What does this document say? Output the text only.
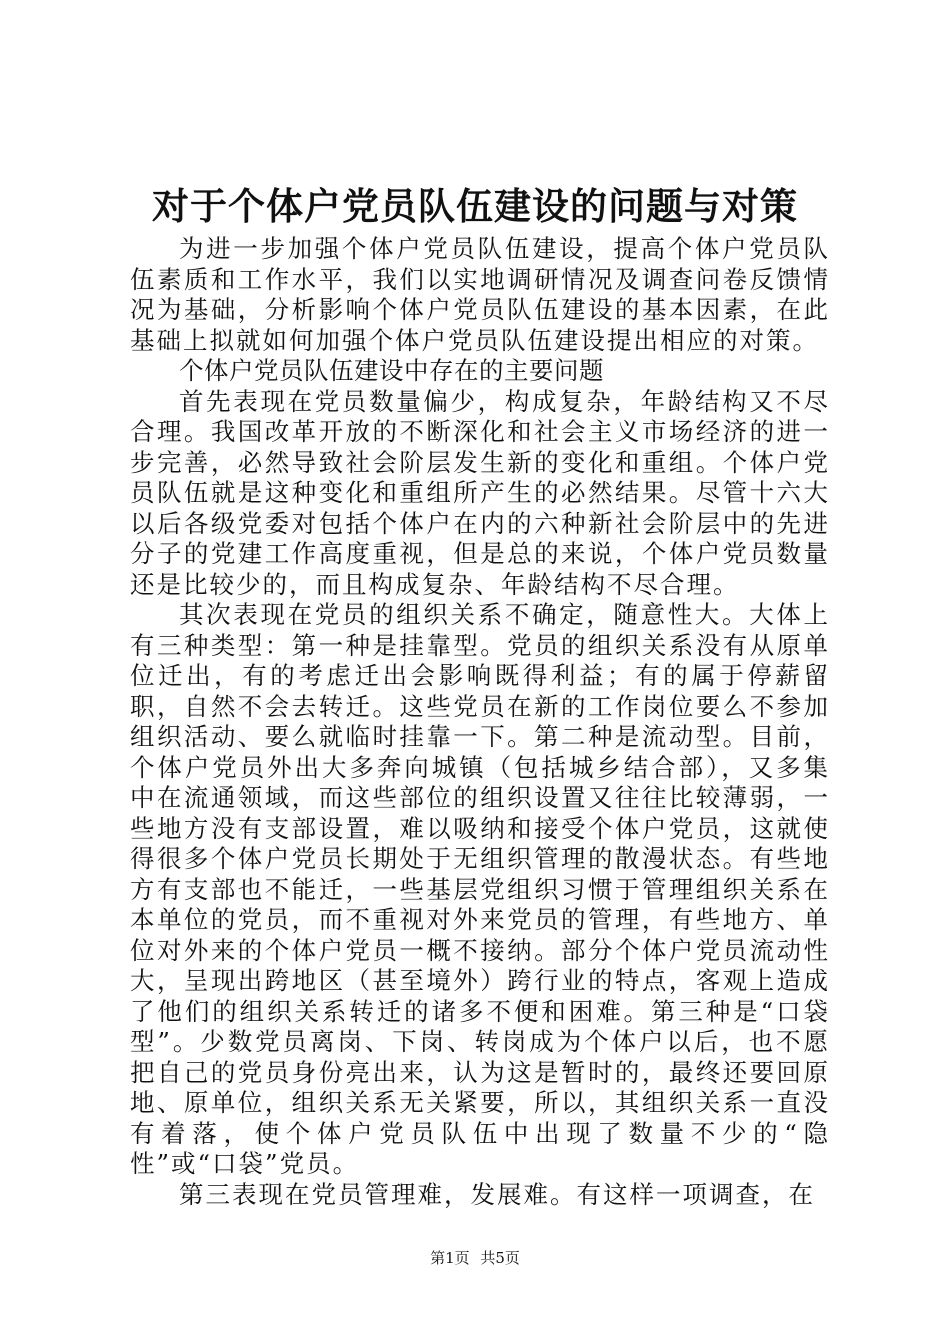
对于个体户党员队伍建设的问题与对策

为进一步加强个体户党员队伍建设，提高个体户党员队伍素质和工作水平，我们以实地调研情况及调查问卷反馈情况为基础，分析影响个体户党员队伍建设的基本因素，在此基础上拟就如何加强个体户党员队伍建设提出相应的对策。

个体户党员队伍建设中存在的主要问题

首先表现在党员数量偏少，构成复杂，年龄结构又不尽合理。我国改革开放的不断深化和社会主义市场经济的进一步完善，必然导致社会阶层发生新的变化和重组。个体户党员队伍就是这种变化和重组所产生的必然结果。尽管十六大以后各级党委对包括个体户在内的六种新社会阶层中的先进分子的党建工作高度重视，但是总的来说，个体户党员数量还是比较少的，而且构成复杂、年龄结构不尽合理。

其次表现在党员的组织关系不确定，随意性大。大体上有三种类型：第一种是挂靠型。党员的组织关系没有从原单位迁出，有的考虑迁出会影响既得利益；有的属于停薪留职，自然不会去转迁。这些党员在新的工作岗位要么不参加组织活动、要么就临时挂靠一下。第二种是流动型。目前，个体户党员外出大多奔向城镇（包括城乡结合部），又多集中在流通领域，而这些部位的组织设置又往往比较薄弱，一些地方没有支部设置，难以吸纳和接受个体户党员，这就使得很多个体户党员长期处于无组织管理的散漫状态。有些地方有支部也不能迁，一些基层党组织习惯于管理组织关系在本单位的党员，而不重视对外来党员的管理，有些地方、单位对外来的个体户党员一概不接纳。部分个体户党员流动性大，呈现出跨地区（甚至境外）跨行业的特点，客观上造成了他们的组织关系转迁的诸多不便和困难。第三种是“口袋型”。少数党员离岗、下岗、转岗成为个体户以后，也不愿把自己的党员身份亮出来，认为这是暂时的，最终还要回原地、原单位，组织关系无关紧要，所以，其组织关系一直没有着落，使个体户党员队伍中出现了数量不少的“隐性”或“口袋”党员。

第三表现在党员管理难，发展难。有这样一项调查，在

第1页 共5页
